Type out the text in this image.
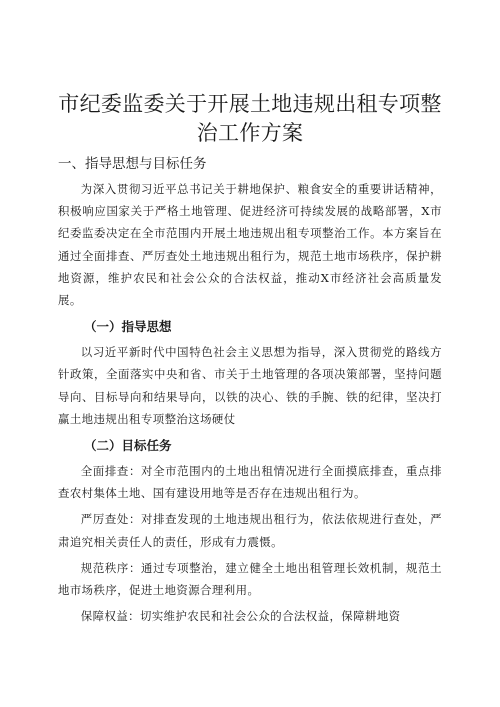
市纪委监委关于开展土地违规出租专项整治工作方案
一、指导思想与目标任务

为深入贯彻习近平总书记关于耕地保护、粮食安全的重要讲话精神，积极响应国家关于严格土地管理、促进经济可持续发展的战略部署，X市纪委监委决定在全市范围内开展土地违规出租专项整治工作。本方案旨在通过全面排查、严厉查处土地违规出租行为，规范土地市场秩序，保护耕地资源，维护农民和社会公众的合法权益，推动X市经济社会高质量发展。

（一）指导思想

以习近平新时代中国特色社会主义思想为指导，深入贯彻党的路线方针政策，全面落实中央和省、市关于土地管理的各项决策部署，坚持问题导向、目标导向和结果导向，以铁的决心、铁的手腕、铁的纪律，坚决打赢土地违规出租专项整治这场硬仗

（二）目标任务

全面排查：对全市范围内的土地出租情况进行全面摸底排查，重点排查农村集体土地、国有建设用地等是否存在违规出租行为。

严厉查处：对排查发现的土地违规出租行为，依法依规进行查处，严肃追究相关责任人的责任，形成有力震慑。

规范秩序：通过专项整治，建立健全土地出租管理长效机制，规范土地市场秩序，促进土地资源合理利用。

保障权益：切实维护农民和社会公众的合法权益，保障耕地资
